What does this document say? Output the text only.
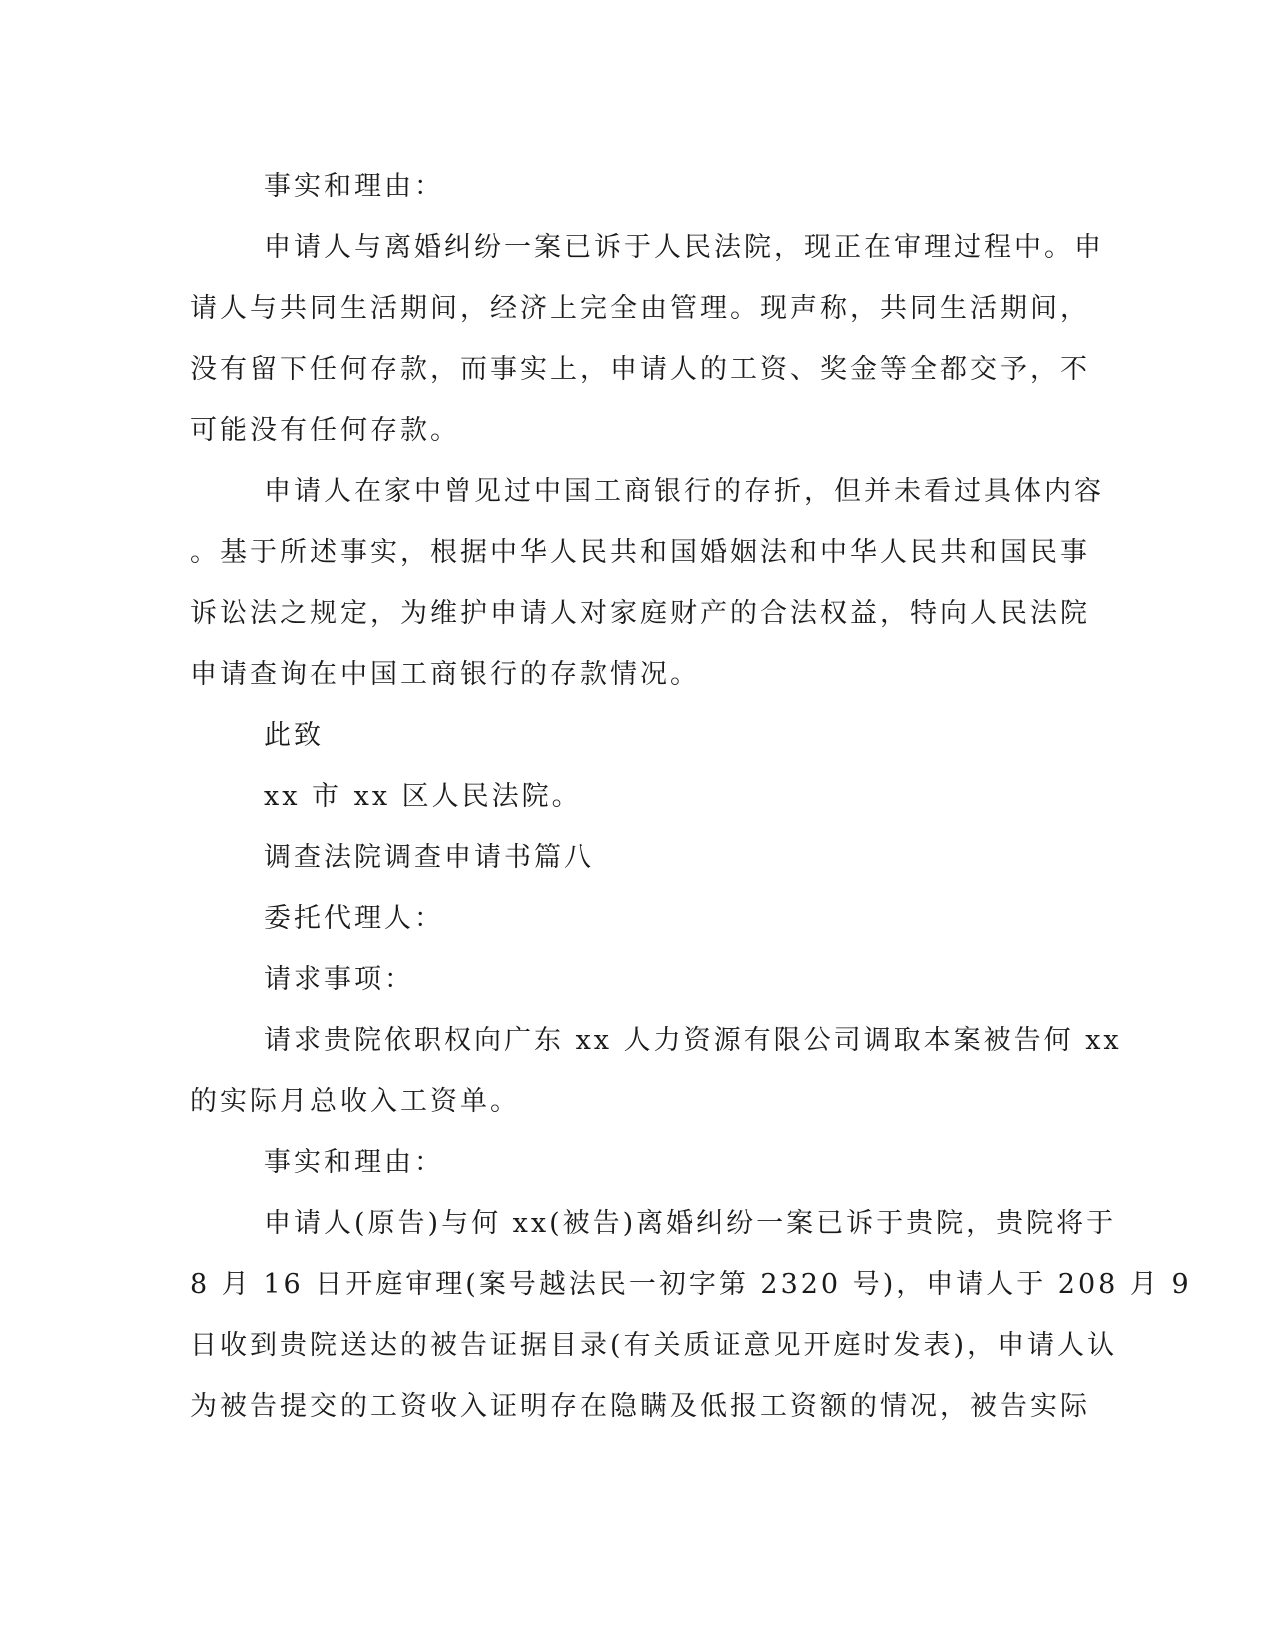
事实和理由：
申请人与离婚纠纷一案已诉于人民法院，现正在审理过程中。申
请人与共同生活期间，经济上完全由管理。现声称，共同生活期间，
没有留下任何存款，而事实上，申请人的工资、奖金等全都交予，不
可能没有任何存款。
申请人在家中曾见过中国工商银行的存折，但并未看过具体内容
。基于所述事实，根据中华人民共和国婚姻法和中华人民共和国民事
诉讼法之规定，为维护申请人对家庭财产的合法权益，特向人民法院
申请查询在中国工商银行的存款情况。
此致
xx 市 xx 区人民法院。
调查法院调查申请书篇八
委托代理人：
请求事项：
请求贵院依职权向广东 xx 人力资源有限公司调取本案被告何 xx
的实际月总收入工资单。
事实和理由：
申请人(原告)与何 xx(被告)离婚纠纷一案已诉于贵院，贵院将于
8 月 16 日开庭审理(案号越法民一初字第 2320 号)，申请人于 208 月 9
日收到贵院送达的被告证据目录(有关质证意见开庭时发表)，申请人认
为被告提交的工资收入证明存在隐瞒及低报工资额的情况，被告实际
